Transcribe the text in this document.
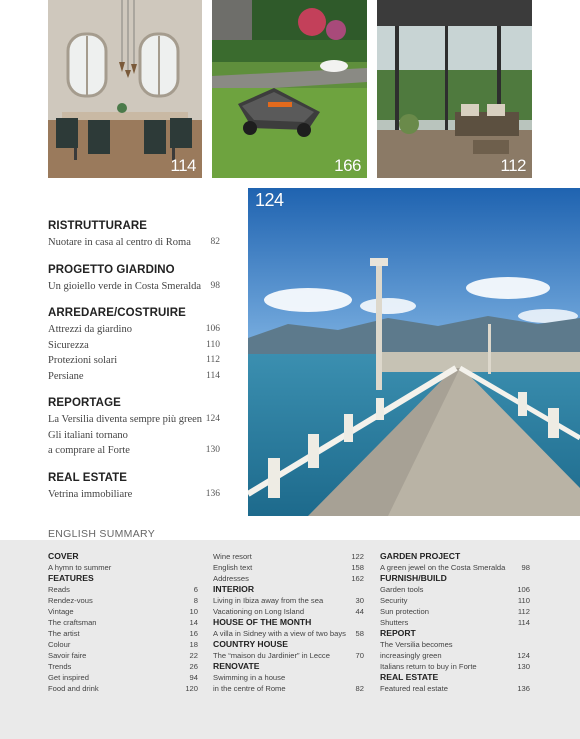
114	166	112
124
RISTRUTTURARE
Nuotare in casa al centro di Roma 82
PROGETTO GIARDINO
Un gioiello verde in Costa Smeralda 98
ARREDARE/COSTRUIRE
Attrezzi da giardino	106
Sicurezza	110
Protezioni solari	112
Persiane	114
REPORTAGE
La Versilia diventa sempre più green 124
Gli italiani tornano
a comprare al Forte	130
REAL ESTATE
Vetrina immobiliare	136
ENGLISH SUMMARY
COVER
A hymn to summer
FEATURES
Reads	6
Rendez-vous	8
Vintage	10
The craftsman	14
The artist	16
Colour	18
Savoir faire	22
Trends	26
Get inspired	94
Food and drink	120
Wine resort	122
English text	158
Addresses	162
INTERIOR
Living in Ibiza away from the sea	30
Vacationing on Long Island	44
HOUSE OF THE MONTH
A villa in Sidney with a view of two bays 58
COUNTRY HOUSE
The “maison du Jardinier” in Lecce	70
RENOVATE
Swimming in a house
in the centre of Rome	82
GARDEN PROJECT
A green jewel on the Costa Smeralda 98
FURNISH/BUILD
Garden tools	106
Security	110
Sun protection	112
Shutters	114
REPORT
The Versilia becomes
increasingly green	124
Italians return to buy in Forte	130
REAL ESTATE
Featured real estate	136
